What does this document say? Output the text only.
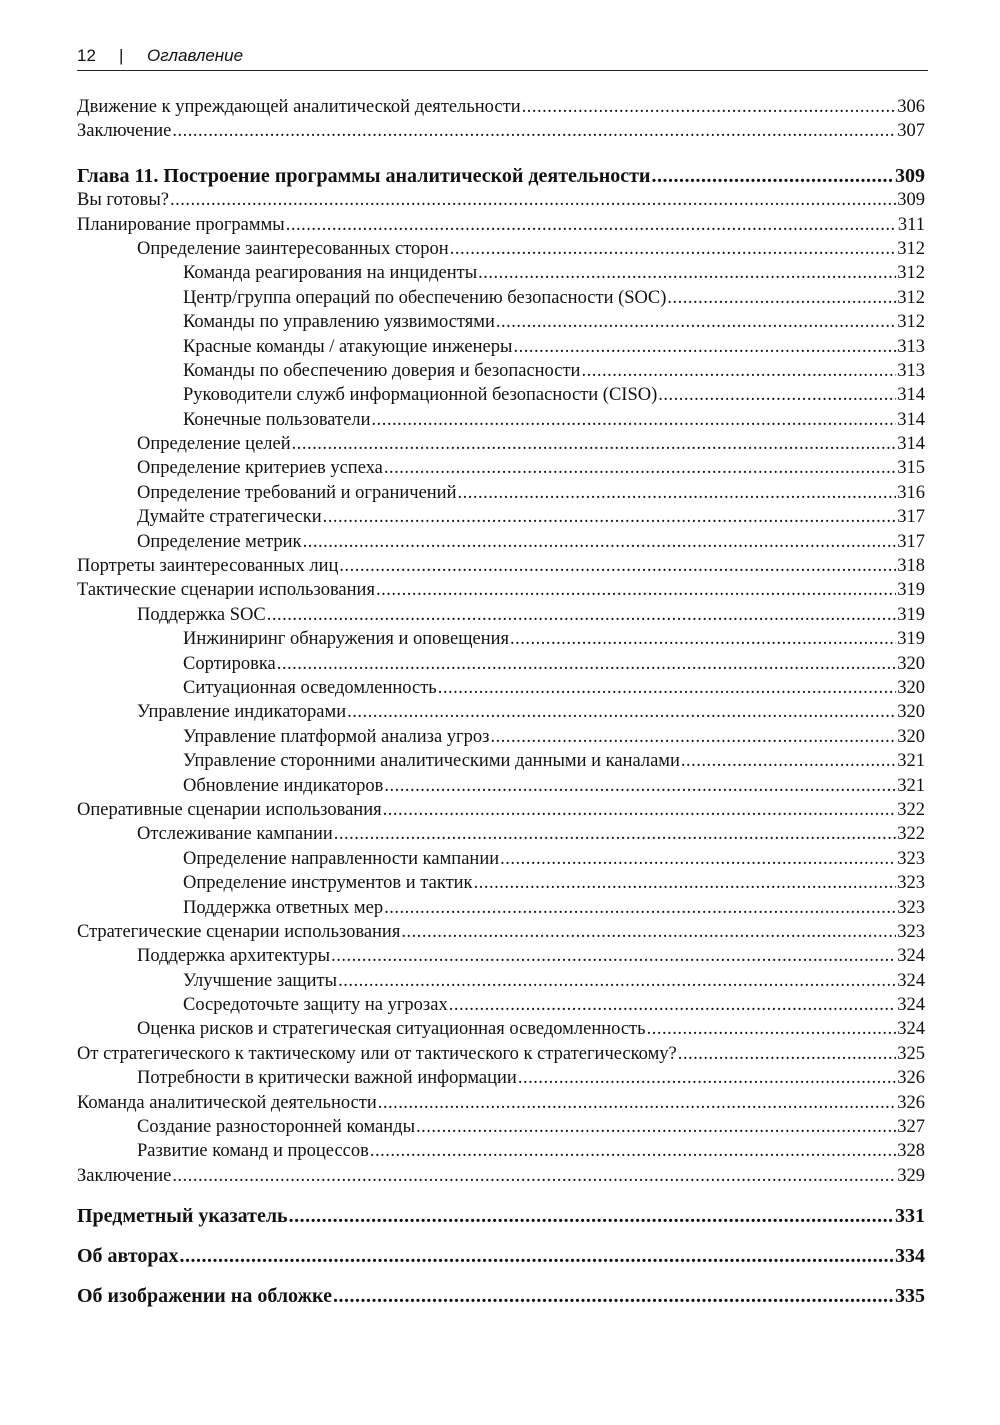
12 | Оглавление
Движение к упреждающей аналитической деятельности .....	306
Заключение .....	307
Глава 11. Построение программы аналитической деятельности .....	309
Вы готовы? .....	309
Планирование программы .....	311
Определение заинтересованных сторон .....	312
Команда реагирования на инциденты .....	312
Центр/группа операций по обеспечению безопасности (SOC) .....	312
Команды по управлению уязвимостями .....	312
Красные команды / атакующие инженеры .....	313
Команды по обеспечению доверия и безопасности .....	313
Руководители служб информационной безопасности (CISO) .....	314
Конечные пользователи .....	314
Определение целей .....	314
Определение критериев успеха .....	315
Определение требований и ограничений .....	316
Думайте стратегически .....	317
Определение метрик .....	317
Портреты заинтересованных лиц .....	318
Тактические сценарии использования .....	319
Поддержка SOC .....	319
Инжиниринг обнаружения и оповещения .....	319
Сортировка .....	320
Ситуационная осведомленность .....	320
Управление индикаторами .....	320
Управление платформой анализа угроз .....	320
Управление сторонними аналитическими данными и каналами .....	321
Обновление индикаторов .....	321
Оперативные сценарии использования .....	322
Отслеживание кампании .....	322
Определение направленности кампании .....	323
Определение инструментов и тактик .....	323
Поддержка ответных мер .....	323
Стратегические сценарии использования .....	323
Поддержка архитектуры .....	324
Улучшение защиты .....	324
Сосредоточьте защиту на угрозах .....	324
Оценка рисков и стратегическая ситуационная осведомленность .....	324
От стратегического к тактическому или от тактического к стратегическому? .....	325
Потребности в критически важной информации .....	326
Команда аналитической деятельности .....	326
Создание разносторонней команды .....	327
Развитие команд и процессов .....	328
Заключение .....	329
Предметный указатель .....	331
Об авторах .....	334
Об изображении на обложке .....	335
